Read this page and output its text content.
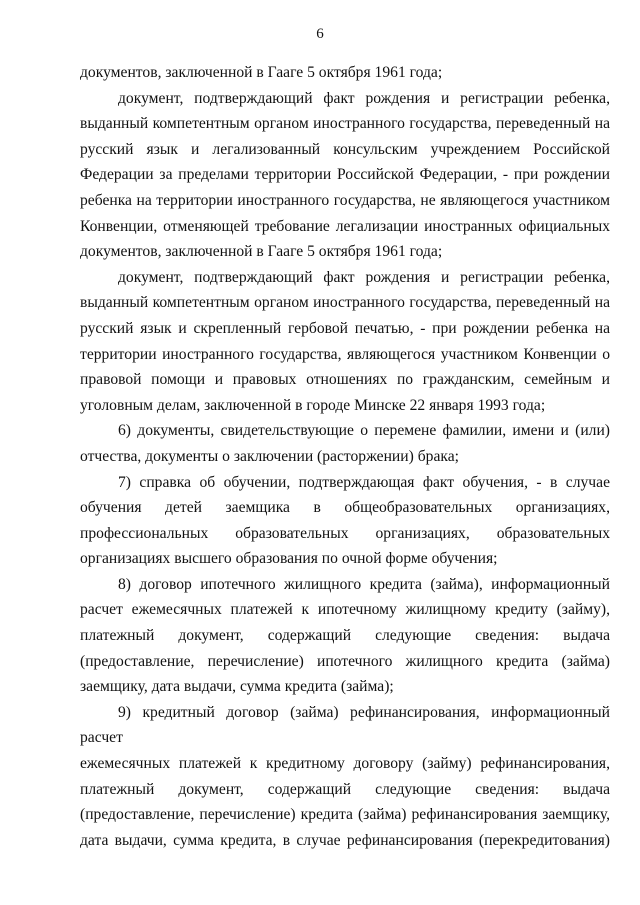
6

документов, заключенной в Гааге 5 октября 1961 года;

документ, подтверждающий факт рождения и регистрации ребенка,

выданный компетентным органом иностранного государства, переведенный на

русский язык и легализованный консульским учреждением Российской

Федерации за пределами территории Российской Федерации, - при рождении

ребенка на территории иностранного государства, не являющегося участником

Конвенции, отменяющей требование легализации иностранных официальных

документов, заключенной в Гааге 5 октября 1961 года;

документ, подтверждающий факт рождения и регистрации ребенка,

выданный компетентным органом иностранного государства, переведенный на

русский язык и скрепленный гербовой печатью, - при рождении ребенка на

территории иностранного государства, являющегося участником Конвенции о

правовой помощи и правовых отношениях по гражданским, семейным и

уголовным делам, заключенной в городе Минске 22 января 1993 года;

6) документы, свидетельствующие о перемене фамилии, имени и (или)

отчества, документы о заключении (расторжении) брака;

7) справка об обучении, подтверждающая факт обучения, - в случае

обучения детей заемщика в общеобразовательных организациях,

профессиональных образовательных организациях, образовательных

организациях высшего образования по очной форме обучения;

8) договор ипотечного жилищного кредита (займа), информационный

расчет ежемесячных платежей к ипотечному жилищному кредиту (займу),

платежный документ, содержащий следующие сведения: выдача

(предоставление, перечисление) ипотечного жилищного кредита (займа)

заемщику, дата выдачи, сумма кредита (займа);

9) кредитный договор (займа) рефинансирования, информационный расчет

ежемесячных платежей к кредитному договору (займу) рефинансирования,

платежный документ, содержащий следующие сведения: выдача

(предоставление, перечисление) кредита (займа) рефинансирования заемщику,

дата выдачи, сумма кредита, в случае рефинансирования (перекредитования)
